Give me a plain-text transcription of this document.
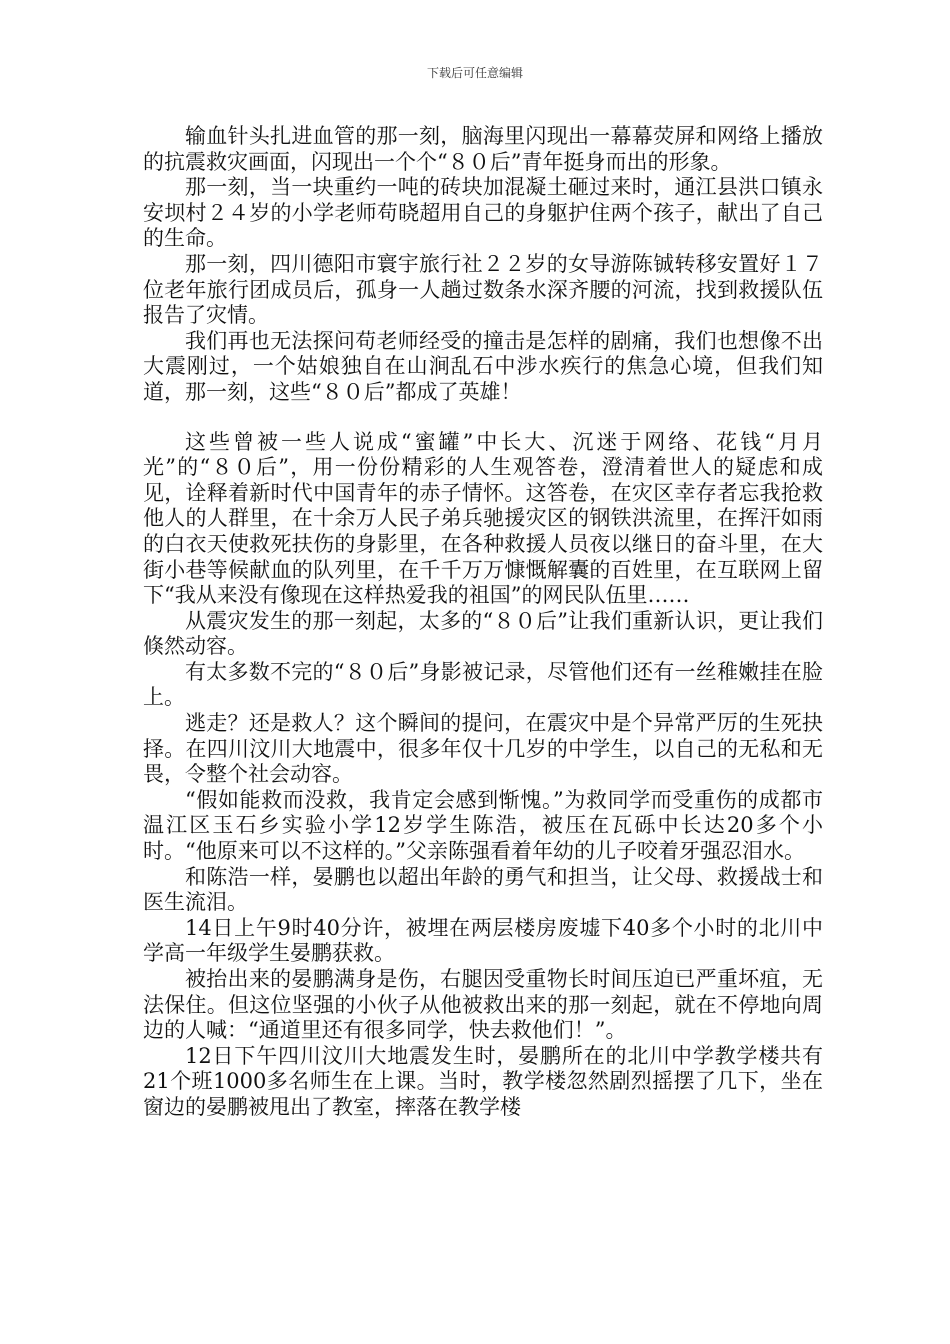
下载后可任意编辑

输血针头扎进血管的那一刻，脑海里闪现出一幕幕荧屏和网络上播放的抗震救灾画面，闪现出一个个“８０后”青年挺身而出的形象。

那一刻，当一块重约一吨的砖块加混凝土砸过来时，通江县洪口镇永安坝村２４岁的小学老师苟晓超用自己的身躯护住两个孩子，献出了自己的生命。

那一刻，四川德阳市寰宇旅行社２２岁的女导游陈铖转移安置好１７位老年旅行团成员后，孤身一人趟过数条水深齐腰的河流，找到救援队伍报告了灾情。

我们再也无法探问苟老师经受的撞击是怎样的剧痛，我们也想像不出大震刚过，一个姑娘独自在山涧乱石中涉水疾行的焦急心境，但我们知道，那一刻，这些“８０后”都成了英雄！

这些曾被一些人说成“蜜罐”中长大、沉迷于网络、花钱“月月光”的“８０后”，用一份份精彩的人生观答卷，澄清着世人的疑虑和成见，诠释着新时代中国青年的赤子情怀。这答卷，在灾区幸存者忘我抢救他人的人群里，在十余万人民子弟兵驰援灾区的钢铁洪流里，在挥汗如雨的白衣天使救死扶伤的身影里，在各种救援人员夜以继日的奋斗里，在大街小巷等候献血的队列里，在千千万万慷慨解囊的百姓里，在互联网上留下“我从来没有像现在这样热爱我的祖国”的网民队伍里……

从震灾发生的那一刻起，太多的“８０后”让我们重新认识，更让我们倏然动容。

有太多数不完的“８０后”身影被记录，尽管他们还有一丝稚嫩挂在脸上。

逃走？还是救人？这个瞬间的提问，在震灾中是个异常严厉的生死抉择。在四川汶川大地震中，很多年仅十几岁的中学生，以自己的无私和无畏，令整个社会动容。

“假如能救而没救，我肯定会感到惭愧。”为救同学而受重伤的成都市温江区玉石乡实验小学12岁学生陈浩，被压在瓦砾中长达20多个小时。“他原来可以不这样的。”父亲陈强看着年幼的儿子咬着牙强忍泪水。

和陈浩一样，晏鹏也以超出年龄的勇气和担当，让父母、救援战士和医生流泪。

14日上午9时40分许，被埋在两层楼房废墟下40多个小时的北川中学高一年级学生晏鹏获救。

被抬出来的晏鹏满身是伤，右腿因受重物长时间压迫已严重坏疽，无法保住。但这位坚强的小伙子从他被救出来的那一刻起，就在不停地向周边的人喊：“通道里还有很多同学，快去救他们！”。

12日下午四川汶川大地震发生时，晏鹏所在的北川中学教学楼共有21个班1000多名师生在上课。当时，教学楼忽然剧烈摇摆了几下，坐在窗边的晏鹏被甩出了教室，摔落在教学楼
